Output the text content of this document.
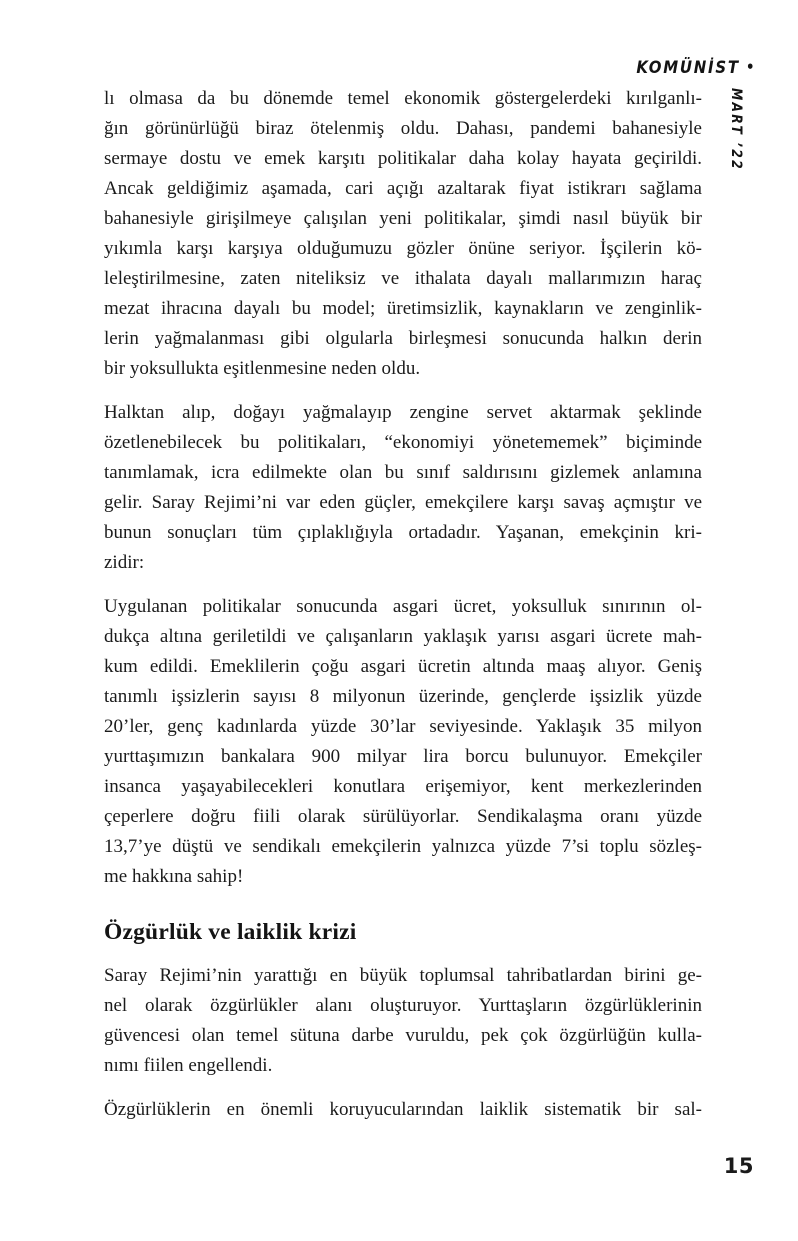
KOMÜNİST •
MART ’22
lı olmasa da bu dönemde temel ekonomik göstergelerdeki kırılganlı-
ğın görünürlüğü biraz ötelenmiş oldu. Dahası, pandemi bahanesiyle
sermaye dostu ve emek karşıtı politikalar daha kolay hayata geçirildi.
Ancak geldiğimiz aşamada, cari açığı azaltarak fiyat istikrarı sağlama
bahanesiyle girişilmeye çalışılan yeni politikalar, şimdi nasıl büyük bir
yıkımla karşı karşıya olduğumuzu gözler önüne seriyor. İşçilerin kö-
leleştirilmesine, zaten niteliksiz ve ithalata dayalı mallarımızın haraç
mezat ihracına dayalı bu model; üretimsizlik, kaynakların ve zenginlik-
lerin yağmalanması gibi olgularla birleşmesi sonucunda halkın derin
bir yoksullukta eşitlenmesine neden oldu.
Halktan alıp, doğayı yağmalayıp zengine servet aktarmak şeklinde
özetlenebilecek bu politikaları, “ekonomiyi yönetememek” biçiminde
tanımlamak, icra edilmekte olan bu sınıf saldırısını gizlemek anlamına
gelir. Saray Rejimi’ni var eden güçler, emekçilere karşı savaş açmıştır ve
bunun sonuçları tüm çıplaklığıyla ortadadır. Yaşanan, emekçinin kri-
zidir:
Uygulanan politikalar sonucunda asgari ücret, yoksulluk sınırının ol-
dukça altına geriletildi ve çalışanların yaklaşık yarısı asgari ücrete mah-
kum edildi. Emeklilerin çoğu asgari ücretin altında maaş alıyor. Geniş
tanımlı işsizlerin sayısı 8 milyonun üzerinde, gençlerde işsizlik yüzde
20’ler, genç kadınlarda yüzde 30’lar seviyesinde. Yaklaşık 35 milyon
yurttaşımızın bankalara 900 milyar lira borcu bulunuyor. Emekçiler
insanca yaşayabilecekleri konutlara erişemiyor, kent merkezlerinden
çeperlere doğru fiili olarak sürülüyorlar. Sendikalaşma oranı yüzde
13,7’ye düştü ve sendikalı emekçilerin yalnızca yüzde 7’si toplu sözleş-
me hakkına sahip!
Özgürlük ve laiklik krizi
Saray Rejimi’nin yarattığı en büyük toplumsal tahribatlardan birini ge-
nel olarak özgürlükler alanı oluşturuyor. Yurttaşların özgürlüklerinin
güvencesi olan temel sütuna darbe vuruldu, pek çok özgürlüğün kulla-
nımı fiilen engellendi.
Özgürlüklerin en önemli koruyucularından laiklik sistematik bir sal-
15
